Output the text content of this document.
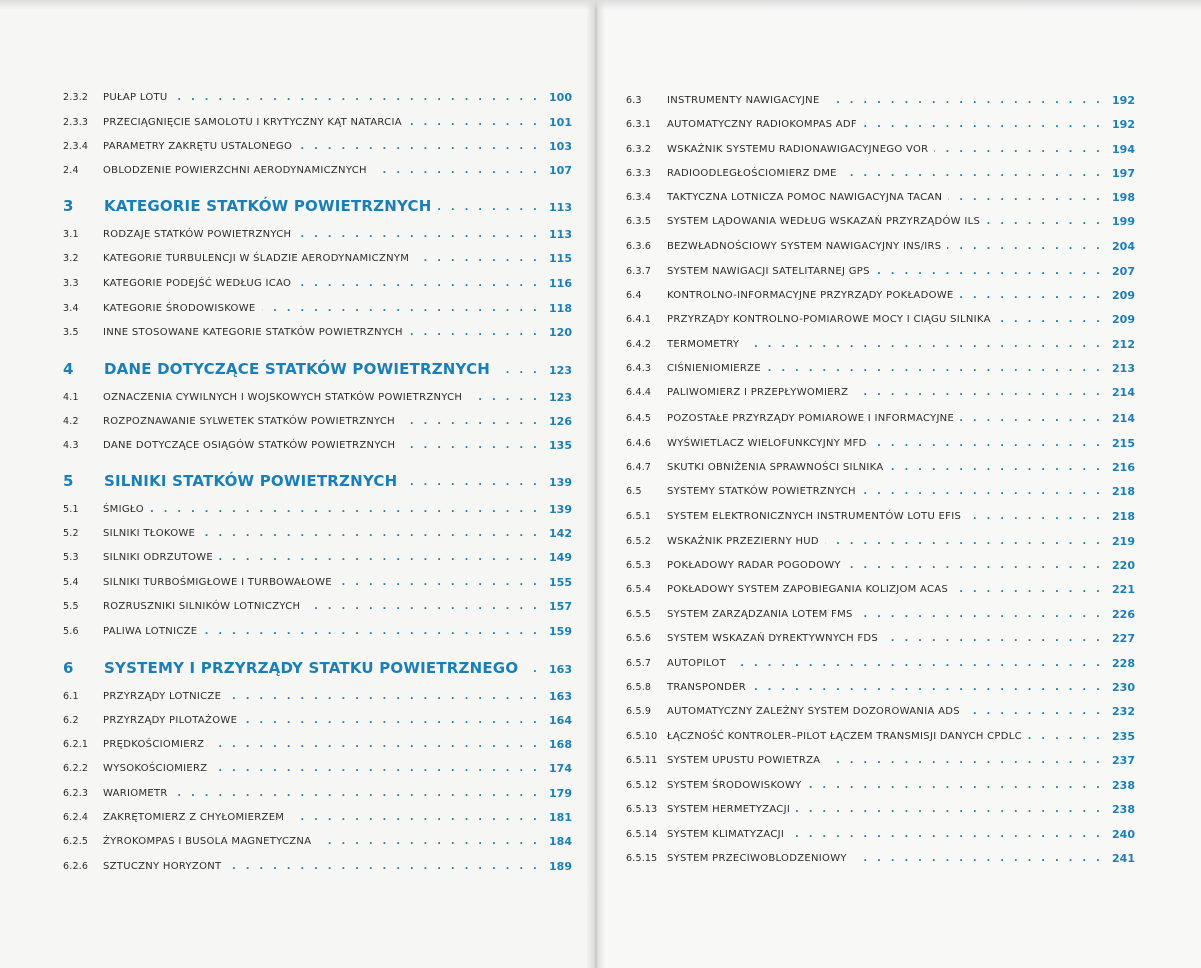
2.3.2 PUŁAP LOTU	100
. . .
2.3.3 PRZECIĄGNIĘCIE SAMOLOTU I KRYTYCZNY KĄT NATARCIA	101
. . .
2.3.4 PARAMETRY ZAKRĘTU USTALONEGO	103
. . .
2.4 OBLODZENIE POWIERZCHNI AERODYNAMICZNYCH	107
. . .
3 KATEGORIE STATKÓW POWIETRZNYCH	113
. . .
3.1 RODZAJE STATKÓW POWIETRZNYCH	113
. . .
3.2 KATEGORIE TURBULENCJI W ŚLADZIE AERODYNAMICZNYM	115
. . .
3.3 KATEGORIE PODEJŚĆ WEDŁUG ICAO	116
. . .
3.4 KATEGORIE ŚRODOWISKOWE	118
. . .
3.5 INNE STOSOWANE KATEGORIE STATKÓW POWIETRZNYCH	120
. . .
4 DANE DOTYCZĄCE STATKÓW POWIETRZNYCH	123
. . .
4.1 OZNACZENIA CYWILNYCH I WOJSKOWYCH STATKÓW POWIETRZNYCH	123
. . .
4.2 ROZPOZNAWANIE SYLWETEK STATKÓW POWIETRZNYCH	126
. . .
4.3 DANE DOTYCZĄCE OSIĄGÓW STATKÓW POWIETRZNYCH	135
. . .
5 SILNIKI STATKÓW POWIETRZNYCH	139
. . .
5.1 ŚMIGŁO	139
. . .
5.2 SILNIKI TŁOKOWE	142
. . .
5.3 SILNIKI ODRZUTOWE	149
. . .
5.4 SILNIKI TURBOŚMIGŁOWE I TURBOWAŁOWE	155
. . .
5.5 ROZRUSZNIKI SILNIKÓW LOTNICZYCH	157
. . .
5.6 PALIWA LOTNICZE	159
. . .
6 SYSTEMY I PRZYRZĄDY STATKU POWIETRZNEGO	163
. . .
6.1 PRZYRZĄDY LOTNICZE	163
. . .
6.2 PRZYRZĄDY PILOTAŻOWE	164
. . .
6.2.1 PRĘDKOŚCIOMIERZ	168
. . .
6.2.2 WYSOKOŚCIOMIERZ	174
. . .
6.2.3 WARIOMETR	179
. . .
6.2.4 ZAKRĘTOMIERZ Z CHYŁOMIERZEM	181
. . .
6.2.5 ŻYROKOMPAS I BUSOLA MAGNETYCZNA	184
. . .
6.2.6 SZTUCZNY HORYZONT	189
. . .
6.3	INSTRUMENTY NAWIGACYJNE	192
. . .
6.3.1 AUTOMATYCZNY RADIOKOMPAS ADF	192
. . .
6.3.2 WSKAŹNIK SYSTEMU RADIONAWIGACYJNEGO VOR	194
. . .
6.3.3 RADIOODLEGŁOŚCIOMIERZ DME	197
. . .
6.3.4 TAKTYCZNA LOTNICZA POMOC NAWIGACYJNA TACAN	198
. . .
6.3.5 SYSTEM LĄDOWANIA WEDŁUG WSKAZAŃ PRZYRZĄDÓW ILS	199
. . .
6.3.6 BEZWŁADNOŚCIOWY SYSTEM NAWIGACYJNY INS/IRS	204
. . .
6.3.7 SYSTEM NAWIGACJI SATELITARNEJ GPS	207
. . .
6.4	KONTROLNO-INFORMACYJNE PRZYRZĄDY POKŁADOWE	209
. . .
6.4.1 PRZYRZĄDY KONTROLNO-POMIAROWE MOCY I CIĄGU SILNIKA	209
. . .
6.4.2 TERMOMETRY	212
. . .
6.4.3 CIŚNIENIOMIERZE	213
. . .
6.4.4 PALIWOMIERZ I PRZEPŁYWOMIERZ	214
. . .
6.4.5 POZOSTAŁE PRZYRZĄDY POMIAROWE I INFORMACYJNE	214
. . .
6.4.6 WYŚWIETLACZ WIELOFUNKCYJNY MFD	215
. . .
6.4.7 SKUTKI OBNIŻENIA SPRAWNOŚCI SILNIKA	216
. . .
6.5	SYSTEMY STATKÓW POWIETRZNYCH	218
. . .
6.5.1 SYSTEM ELEKTRONICZNYCH INSTRUMENTÓW LOTU EFIS	218
. . .
6.5.2 WSKAŹNIK PRZEZIERNY HUD	219
. . .
6.5.3 POKŁADOWY RADAR POGODOWY	220
. . .
6.5.4 POKŁADOWY SYSTEM ZAPOBIEGANIA KOLIZJOM ACAS	221
. . .
6.5.5 SYSTEM ZARZĄDZANIA LOTEM FMS	226
. . .
6.5.6 SYSTEM WSKAZAŃ DYREKTYWNYCH FDS	227
. . .
6.5.7 AUTOPILOT	228
. . .
6.5.8 TRANSPONDER	230
. . .
6.5.9 AUTOMATYCZNY ZALEŻNY SYSTEM DOZOROWANIA ADS	232
. . .
6.5.10 ŁĄCZNOŚĆ KONTROLER–PILOT ŁĄCZEM TRANSMISJI DANYCH CPDLC	235
. . .
6.5.11 SYSTEM UPUSTU POWIETRZA	237
. . .
6.5.12 SYSTEM ŚRODOWISKOWY	238
. . .
6.5.13 SYSTEM HERMETYZACJI	238
. . .
6.5.14 SYSTEM KLIMATYZACJI	240
. . .
6.5.15 SYSTEM PRZECIWOBLODZENIOWY	241
. . .
